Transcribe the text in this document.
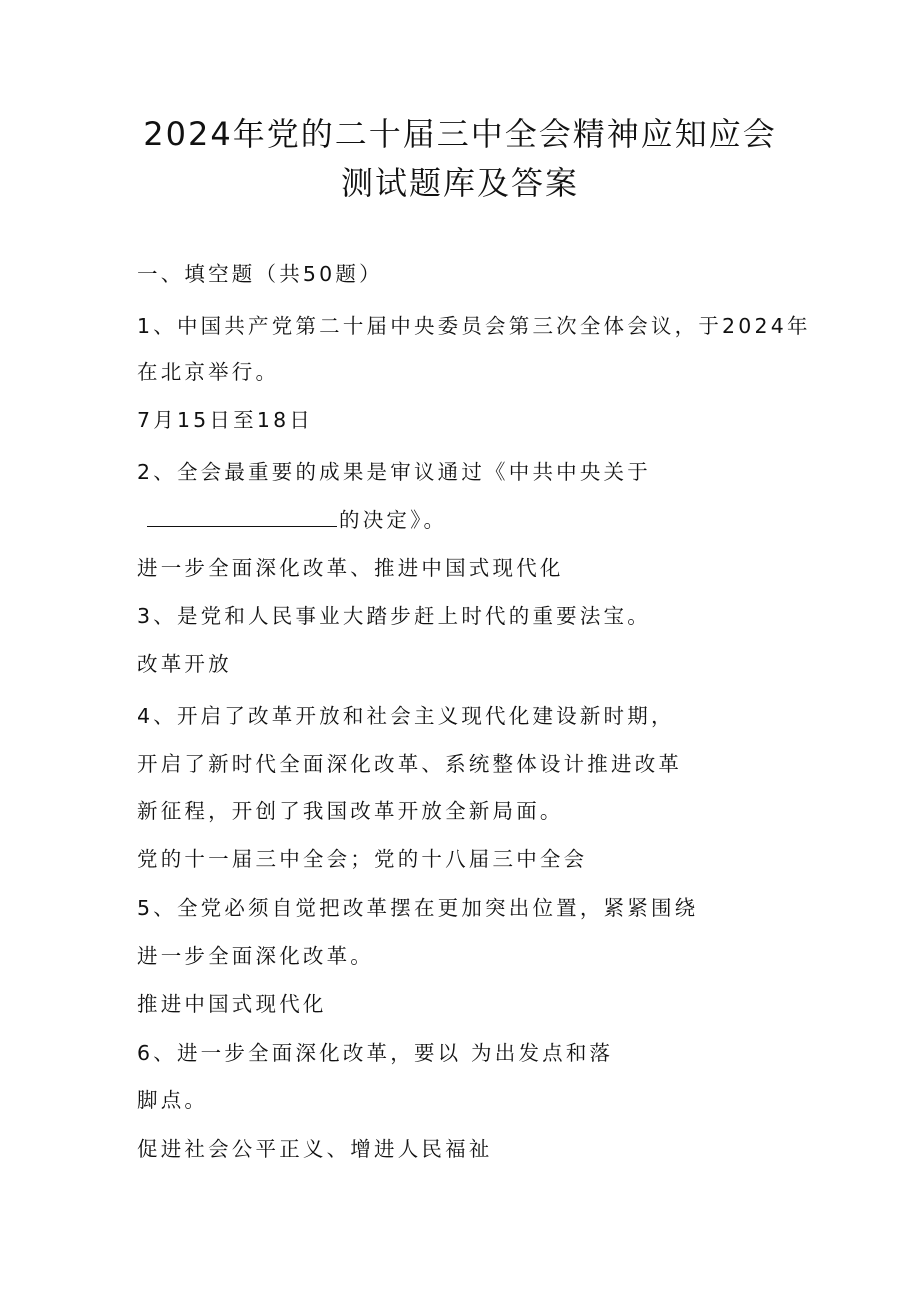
2024年党的二十届三中全会精神应知应会
测试题库及答案
一、填空题（共50题）
1、中国共产党第二十届中央委员会第三次全体会议，于2024年
在北京举行。
7月15日至18日
2、全会最重要的成果是审议通过《中共中央关于
的决定》。
进一步全面深化改革、推进中国式现代化
3、是党和人民事业大踏步赶上时代的重要法宝。
改革开放
4、开启了改革开放和社会主义现代化建设新时期，
开启了新时代全面深化改革、系统整体设计推进改革
新征程，开创了我国改革开放全新局面。
党的十一届三中全会；党的十八届三中全会
5、全党必须自觉把改革摆在更加突出位置，紧紧围绕
进一步全面深化改革。
推进中国式现代化
6、进一步全面深化改革，要以 为出发点和落
脚点。
促进社会公平正义、增进人民福祉
